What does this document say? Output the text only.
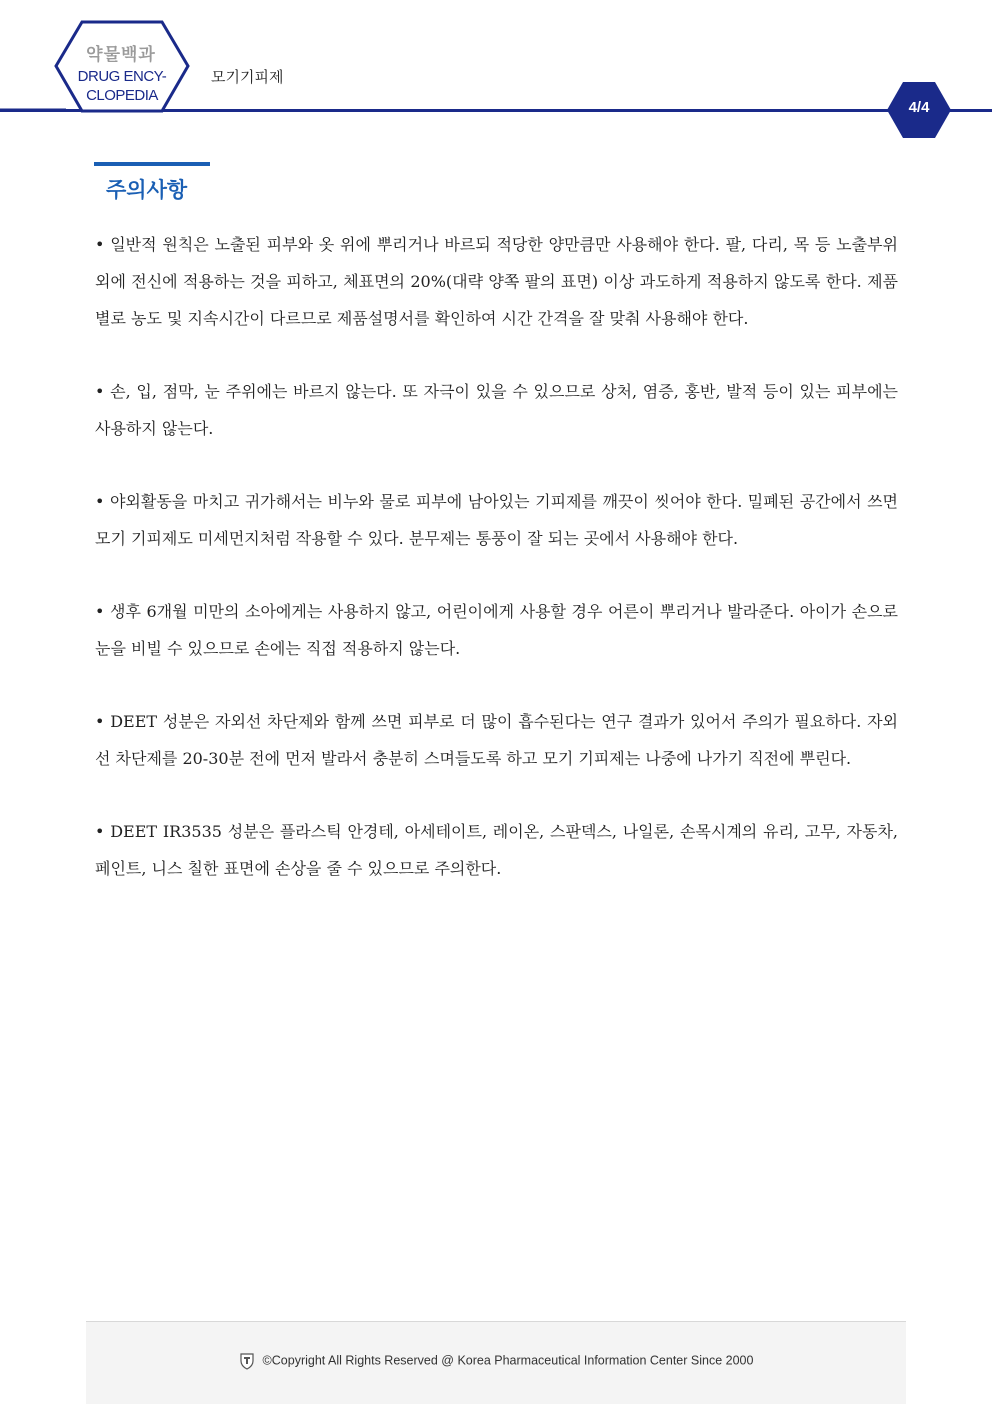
약물백과
DRUG ENCY-
CLOPEDIA
모기기피제
4/4
주의사항

• 일반적 원칙은 노출된 피부와 옷 위에 뿌리거나 바르되 적당한 양만큼만 사용해야 한다. 팔, 다리, 목 등 노출부위 외에 전신에 적용하는 것을 피하고, 체표면의 20%(대략 양쪽 팔의 표면) 이상 과도하게 적용하지 않도록 한다. 제품별로 농도 및 지속시간이 다르므로 제품설명서를 확인하여 시간 간격을 잘 맞춰 사용해야 한다.

• 손, 입, 점막, 눈 주위에는 바르지 않는다. 또 자극이 있을 수 있으므로 상처, 염증, 홍반, 발적 등이 있는 피부에는 사용하지 않는다.

• 야외활동을 마치고 귀가해서는 비누와 물로 피부에 남아있는 기피제를 깨끗이 씻어야 한다. 밀폐된 공간에서 쓰면 모기 기피제도 미세먼지처럼 작용할 수 있다. 분무제는 통풍이 잘 되는 곳에서 사용해야 한다.

• 생후 6개월 미만의 소아에게는 사용하지 않고, 어린이에게 사용할 경우 어른이 뿌리거나 발라준다. 아이가 손으로 눈을 비빌 수 있으므로 손에는 직접 적용하지 않는다.

• DEET 성분은 자외선 차단제와 함께 쓰면 피부로 더 많이 흡수된다는 연구 결과가 있어서 주의가 필요하다. 자외선 차단제를 20-30분 전에 먼저 발라서 충분히 스며들도록 하고 모기 기피제는 나중에 나가기 직전에 뿌린다.

• DEET IR3535 성분은 플라스틱 안경테, 아세테이트, 레이온, 스판덱스, 나일론, 손목시계의 유리, 고무, 자동차, 페인트, 니스 칠한 표면에 손상을 줄 수 있으므로 주의한다.

©Copyright All Rights Reserved @ Korea Pharmaceutical Information Center Since 2000
